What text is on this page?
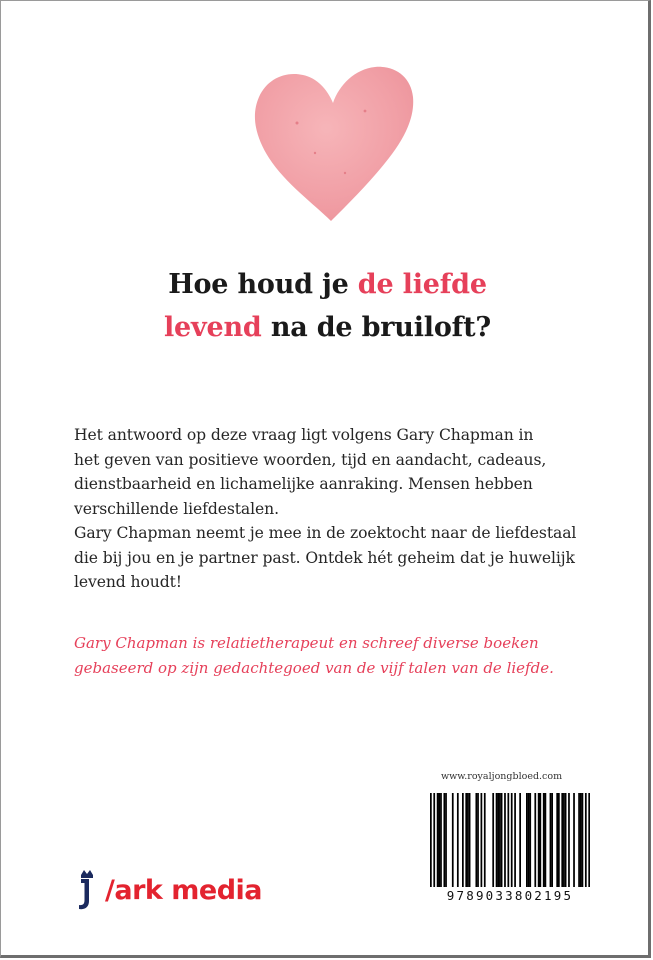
Hoe houd je de liefde
levend na de bruiloft?
Het antwoord op deze vraag ligt volgens Gary Chapman in
het geven van positieve woorden, tijd en aandacht, cadeaus,
dienstbaarheid en lichamelijke aanraking. Mensen hebben
verschillende liefdestalen.
Gary Chapman neemt je mee in de zoektocht naar de liefdestaal
die bij jou en je partner past. Ontdek hét geheim dat je huwelijk
levend houdt!
Gary Chapman is relatietherapeut en schreef diverse boeken
gebaseerd op zijn gedachtegoed van de vijf talen van de liefde.
www.royaljongbloed.com
9789033802195
/ark media
